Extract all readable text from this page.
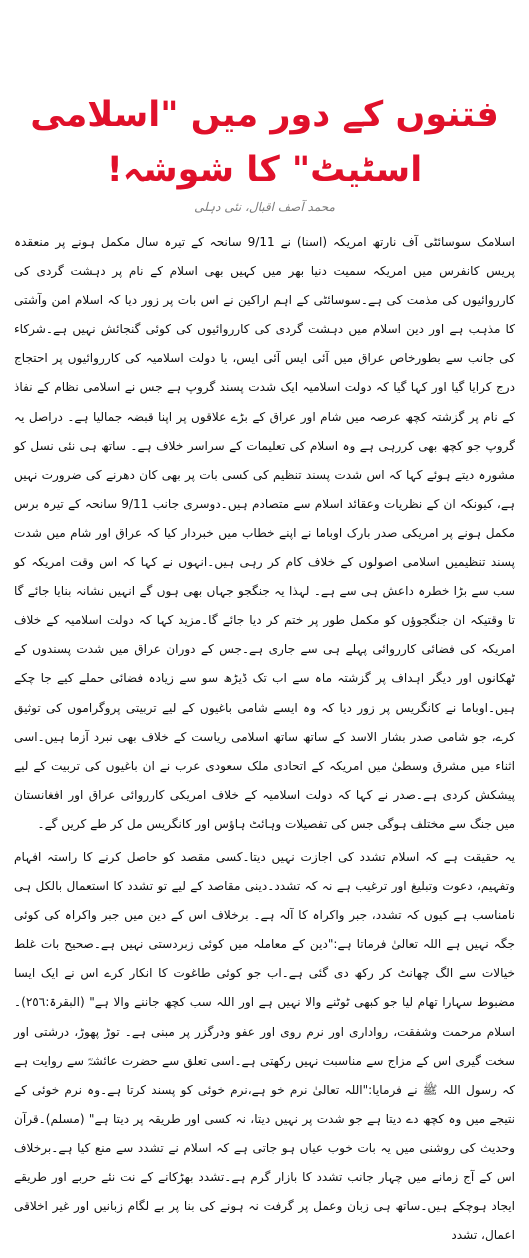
فتنوں کے دور میں "اسلامی اسٹیٹ" کا شوشہ!
محمد آصف اقبال، نئی دہلی

اسلامک سوسائٹی آف نارتھ امریکہ (اسنا) نے 9/11 سانحہ کے تیرہ سال مکمل ہونے پر منعقدہ پریس کانفرس میں امریکہ سمیت دنیا بھر میں کہیں بھی اسلام کے نام پر دہشت گردی کی کارروائیوں کی مذمت کی ہے۔سوسائٹی کے اہم اراکین نے اس بات پر زور دیا کہ اسلام امن وآشتی کا مذہب ہے اور دین اسلام میں دہشت گردی کی کارروائیوں کی کوئی گنجائش نہیں ہے۔شرکاء کی جانب سے بطورخاص عراق میں آئی ایس آئی ایس، یا دولت اسلامیہ کی کارروائیوں پر احتجاج درج کرایا گیا اور کہا گیا کہ دولت اسلامیہ ایک شدت پسند گروپ ہے جس نے اسلامی نظام کے نفاذ کے نام پر گزشتہ کچھ عرصہ میں شام اور عراق کے بڑے علاقوں پر اپنا قبضہ جمالیا ہے۔ دراصل یہ گروپ جو کچھ بھی کررہی ہے وہ اسلام کی تعلیمات کے سراسر خلاف ہے۔ ساتھ ہی نئی نسل کو مشورہ دیتے ہوئے کہا کہ اس شدت پسند تنظیم کی کسی بات پر بھی کان دھرنے کی ضرورت نہیں ہے، کیونکہ ان کے نظریات وعقائد اسلام سے متصادم ہیں۔دوسری جانب 9/11 سانحہ کے تیرہ برس مکمل ہونے پر امریکی صدر بارک اوباما نے اپنے خطاب میں خبردار کیا کہ عراق اور شام میں شدت پسند تنظیمیں اسلامی اصولوں کے خلاف کام کر رہی ہیں۔انہوں نے کہا کہ اس وقت امریکہ کو سب سے بڑا خطرہ داعش ہی سے ہے۔ لہذا یہ جنگجو جہاں بھی ہوں گے انہیں نشانہ بنایا جائے گا تا وقتیکہ ان جنگجوؤں کو مکمل طور پر ختم کر دیا جائے گا۔مزید کہا کہ دولت اسلامیہ کے خلاف امریکہ کی فضائی کارروائی پہلے ہی سے جاری ہے۔جس کے دوران عراق میں شدت پسندوں کے ٹھکانوں اور دیگر اہداف پر گزشتہ ماہ سے اب تک ڈیڑھ سو سے زیادہ فضائی حملے کیے جا چکے ہیں۔اوباما نے کانگریس پر زور دیا کہ وہ ایسے شامی باغیوں کے لیے تربیتی پروگراموں کی توثیق کرے، جو شامی صدر بشار الاسد کے ساتھ ساتھ اسلامی ریاست کے خلاف بھی نبرد آزما ہیں۔اسی اثناء میں مشرق وسطیٰ میں امریکہ کے اتحادی ملک سعودی عرب نے ان باغیوں کی تربیت کے لیے پیشکش کردی ہے۔صدر نے کہا کہ دولت اسلامیہ کے خلاف امریکی کارروائی عراق اور افغانستان میں جنگ سے مختلف ہوگی جس کی تفصیلات وہائٹ ہاؤس اور کانگریس مل کر طے کریں گے۔

یہ حقیقت ہے کہ اسلام تشدد کی اجازت نہیں دیتا۔کسی مقصد کو حاصل کرنے کا راستہ افہام وتفہیم، دعوت وتبلیغ اور ترغیب ہے نہ کہ تشدد۔دینی مقاصد کے لیے تو تشدد کا استعمال بالکل ہی نامناسب ہے کیوں کہ تشدد، جبر واکراہ کا آلہ ہے۔ برخلاف اس کے دین میں جبر واکراہ کی کوئی جگہ نہیں ہے اللہ تعالیٰ فرماتا ہے:"دین کے معاملہ میں کوئی زبردستی نہیں ہے۔صحیح بات غلط خیالات سے الگ چھانٹ کر رکھ دی گئی ہے۔اب جو کوئی طاغوت کا انکار کرے اس نے ایک ایسا مضبوط سہارا تھام لیا جو کبھی ٹوٹنے والا نہیں ہے اور اللہ سب کچھ جاننے والا ہے" (البقرۃ:٢٥٦)۔اسلام مرحمت وشفقت، رواداری اور نرم روی اور عفو ودرگزر پر مبنی ہے۔ توڑ پھوڑ، درشتی اور سخت گیری اس کے مزاج سے مناسبت نہیں رکھتی ہے۔اسی تعلق سے حضرت عائشہؓ سے روایت ہے کہ رسول اللہ ﷺ نے فرمایا:"اللہ تعالیٰ نرم خو ہے،نرم خوئی کو پسند کرتا ہے۔وہ نرم خوئی کے نتیجے میں وہ کچھ دے دیتا ہے جو شدت پر نہیں دیتا، نہ کسی اور طریقہ پر دیتا ہے" (مسلم)۔قرآن وحدیث کی روشنی میں یہ بات خوب عیاں ہو جاتی ہے کہ اسلام نے تشدد سے منع کیا ہے۔برخلاف اس کے آج زمانے میں چہار جانب تشدد کا بازار گرم ہے۔تشدد بھڑکانے کے نت نئے حربے اور طریقے ایجاد ہوچکے ہیں۔ساتھ ہی زبان وعمل پر گرفت نہ ہونے کی بنا پر بے لگام زبانیں اور غیر اخلاقی اعمال، تشدد
